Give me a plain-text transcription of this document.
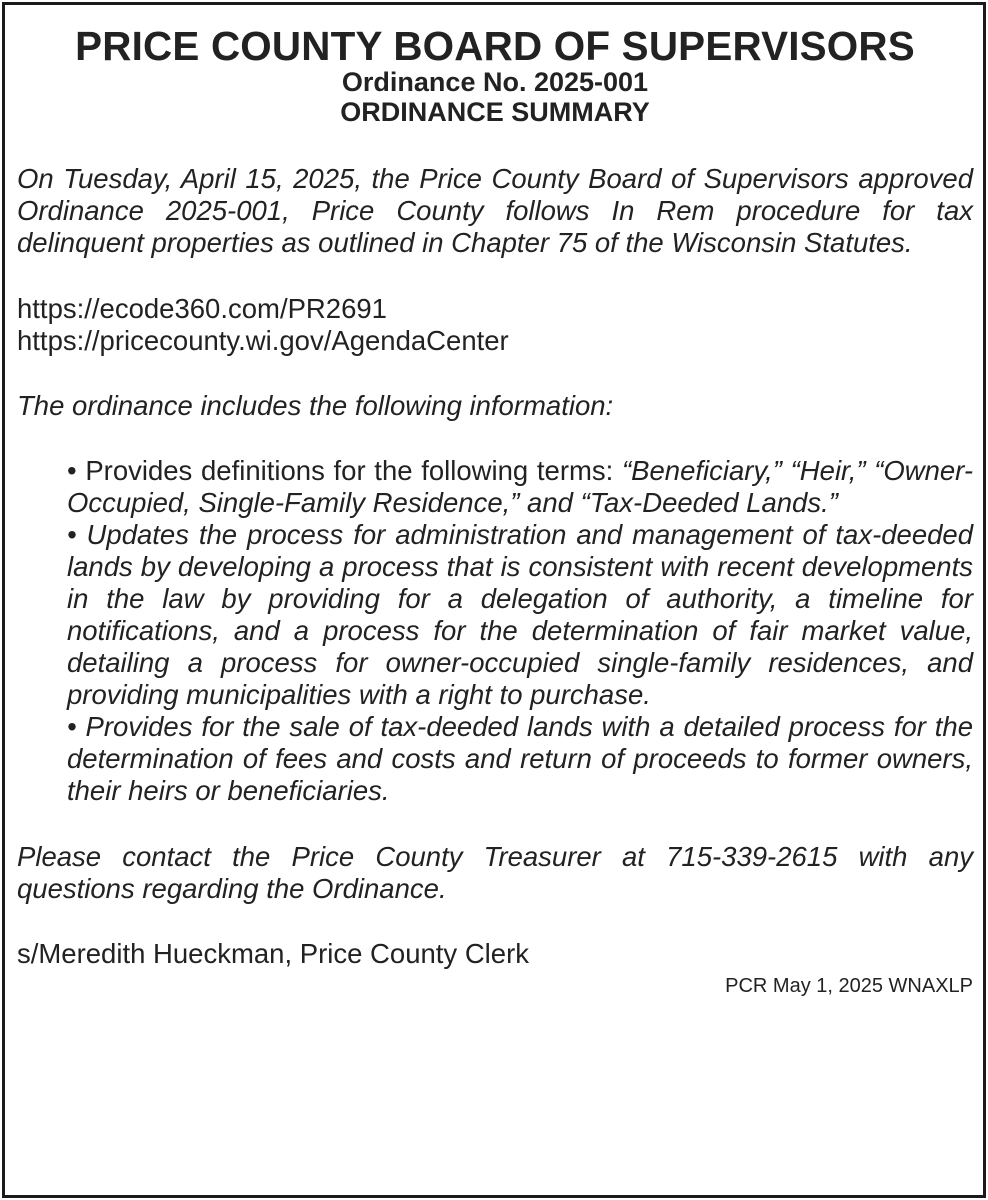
PRICE COUNTY BOARD OF SUPERVISORS
Ordinance No. 2025-001
ORDINANCE SUMMARY

On Tuesday, April 15, 2025, the Price County Board of Supervisors approved Ordinance 2025-001, Price County follows In Rem procedure for tax delinquent properties as outlined in Chapter 75 of the Wisconsin Statutes.

https://ecode360.com/PR2691

https://pricecounty.wi.gov/AgendaCenter

The ordinance includes the following information:

• Provides definitions for the following terms: “Beneficiary,” “Heir,” “Owner-Occupied, Single-Family Residence,” and “Tax-Deeded Lands.”
• Updates the process for administration and management of tax-deeded lands by developing a process that is consistent with recent developments in the law by providing for a delegation of authority, a timeline for notifications, and a process for the determination of fair market value, detailing a process for owner-occupied single-family residences, and providing municipalities with a right to purchase.
• Provides for the sale of tax-deeded lands with a detailed process for the determination of fees and costs and return of proceeds to former owners, their heirs or beneficiaries.

Please contact the Price County Treasurer at 715-339-2615 with any questions regarding the Ordinance.

s/Meredith Hueckman, Price County Clerk

PCR May 1, 2025 WNAXLP
